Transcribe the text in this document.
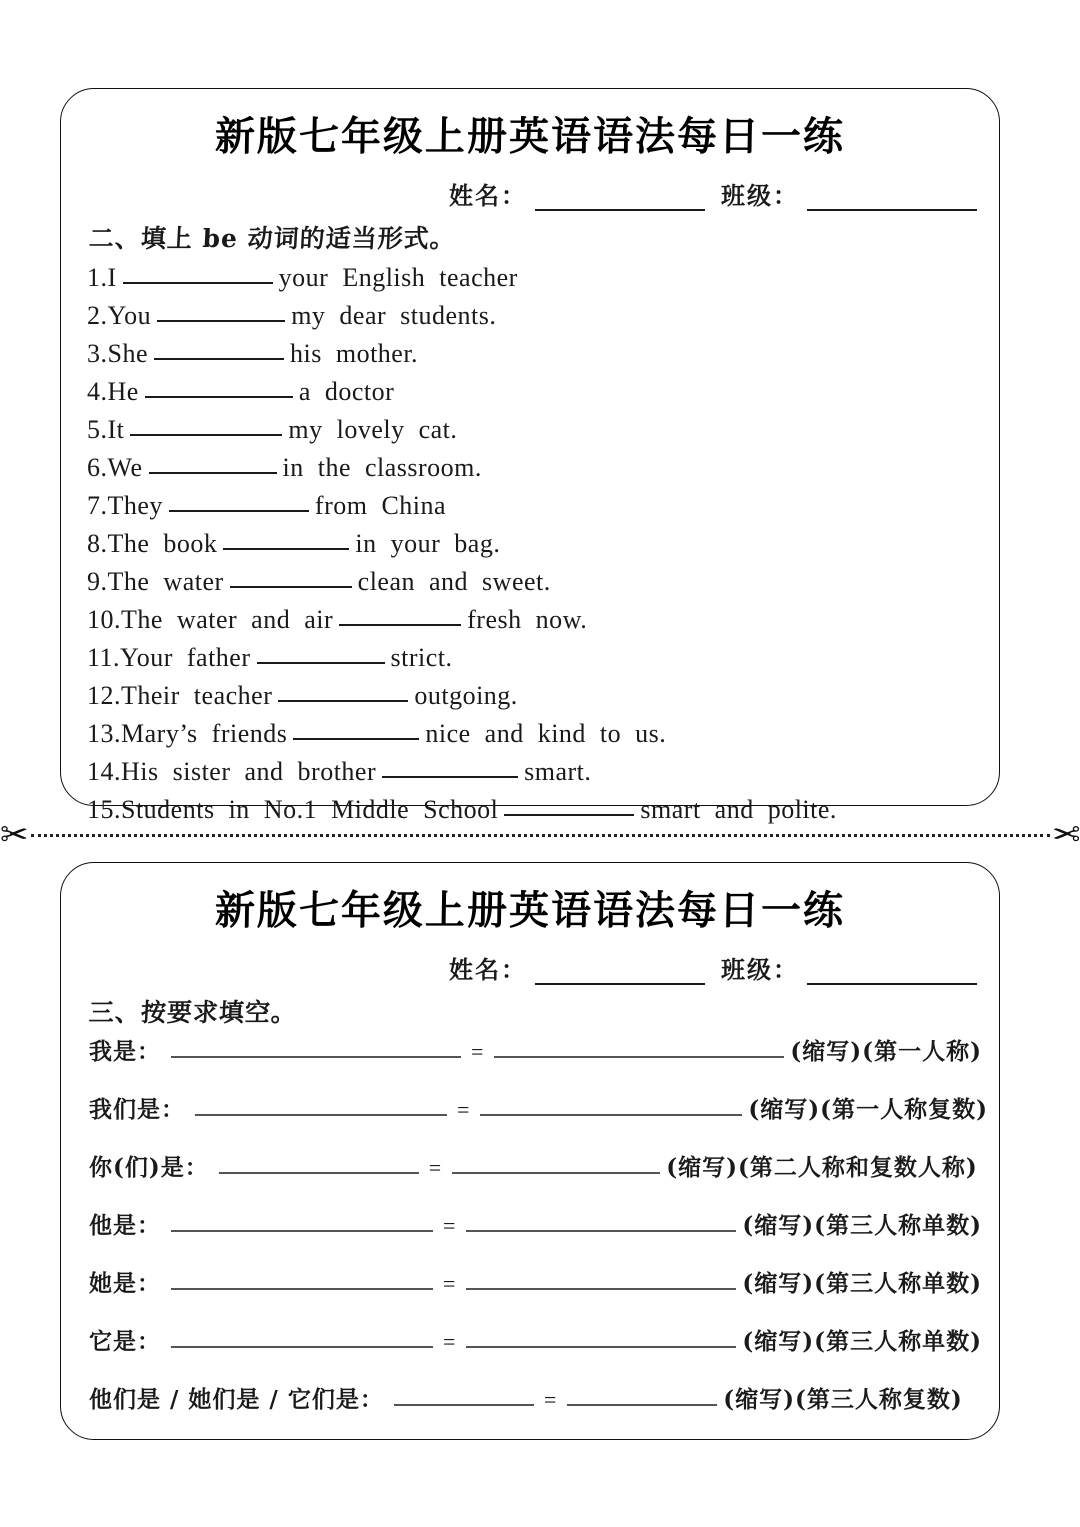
新版七年级上册英语语法每日一练
姓名：	班级：
二、填上 be 动词的适当形式。
1.I	your  English  teacher
2.You	my  dear  students.
3.She	his  mother.
4.He	a  doctor
5.It	my  lovely  cat.
6.We	in  the  classroom.
7.They	from  China
8.The  book	in  your  bag.
9.The  water	clean  and  sweet.
10.The  water  and  air	fresh  now.
11.Your  father	strict.
12.Their  teacher	outgoing.
13.Mary’s  friends	nice  and  kind  to  us.
14.His  sister  and  brother	smart.
15.Students  in  No.1  Middle  School	smart  and  polite.
✂	✂
新版七年级上册英语语法每日一练
姓名：	班级：
三、按要求填空。
我是：	=	(缩写)(第一人称)
我们是：	=	(缩写)(第一人称复数)
你(们)是：	=	(缩写)(第二人称和复数人称)
他是：	=	(缩写)(第三人称单数)
她是：	=	(缩写)(第三人称单数)
它是：	=	(缩写)(第三人称单数)
他们是 / 她们是 / 它们是：	=	(缩写)(第三人称复数)
